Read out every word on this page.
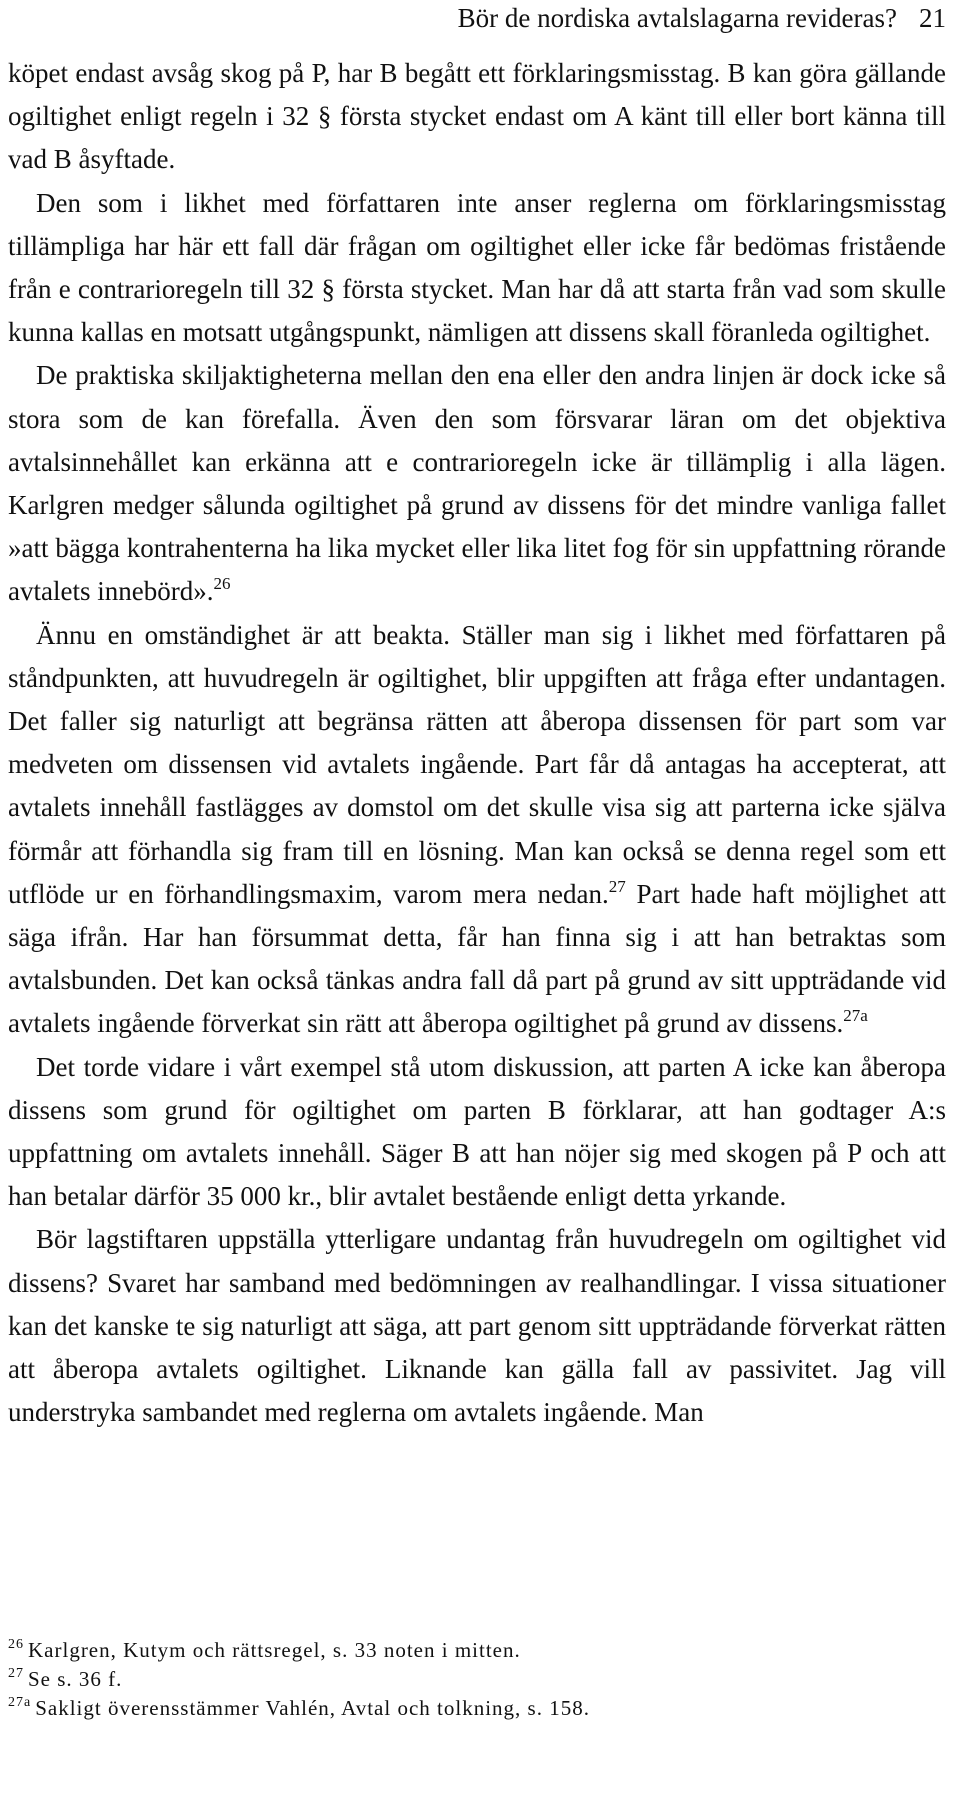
Bör de nordiska avtalslagarna revideras? 21

köpet endast avsåg skog på P, har B begått ett förklaringsmisstag. B kan göra gällande ogiltighet enligt regeln i 32 § första stycket endast om A känt till eller bort känna till vad B åsyftade.

Den som i likhet med författaren inte anser reglerna om förklaringsmisstag tillämpliga har här ett fall där frågan om ogiltighet eller icke får bedömas fristående från e contrarioregeln till 32 § första stycket. Man har då att starta från vad som skulle kunna kallas en motsatt utgångspunkt, nämligen att dissens skall föranleda ogiltighet.

De praktiska skiljaktigheterna mellan den ena eller den andra linjen är dock icke så stora som de kan förefalla. Även den som försvarar läran om det objektiva avtalsinnehållet kan erkänna att e contrarioregeln icke är tillämplig i alla lägen. Karlgren medger sålunda ogiltighet på grund av dissens för det mindre vanliga fallet »att bägga kontrahenterna ha lika mycket eller lika litet fog för sin uppfattning rörande avtalets innebörd».$^{26}$

Ännu en omständighet är att beakta. Ställer man sig i likhet med författaren på ståndpunkten, att huvudregeln är ogiltighet, blir uppgiften att fråga efter undantagen. Det faller sig naturligt att begränsa rätten att åberopa dissensen för part som var medveten om dissensen vid avtalets ingående. Part får då antagas ha accepterat, att avtalets innehåll fastlägges av domstol om det skulle visa sig att parterna icke själva förmår att förhandla sig fram till en lösning. Man kan också se denna regel som ett utflöde ur en förhandlingsmaxim, varom mera nedan.$^{27}$ Part hade haft möjlighet att säga ifrån. Har han försummat detta, får han finna sig i att han betraktas som avtalsbunden. Det kan också tänkas andra fall då part på grund av sitt uppträdande vid avtalets ingående förverkat sin rätt att åberopa ogiltighet på grund av dissens.$^{27a}$

Det torde vidare i vårt exempel stå utom diskussion, att parten A icke kan åberopa dissens som grund för ogiltighet om parten B förklarar, att han godtager A:s uppfattning om avtalets innehåll. Säger B att han nöjer sig med skogen på P och att han betalar därför 35 000 kr., blir avtalet bestående enligt detta yrkande.

Bör lagstiftaren uppställa ytterligare undantag från huvudregeln om ogiltighet vid dissens? Svaret har samband med bedömningen av realhandlingar. I vissa situationer kan det kanske te sig naturligt att säga, att part genom sitt uppträdande förverkat rätten att åberopa avtalets ogiltighet. Liknande kan gälla fall av passivitet. Jag vill understryka sambandet med reglerna om avtalets ingående. Man

$^{26}$ Karlgren, Kutym och rättsregel, s. 33 noten i mitten.
$^{27}$ Se s. 36 f.
$^{27a}$ Sakligt överensstämmer Vahlén, Avtal och tolkning, s. 158.
